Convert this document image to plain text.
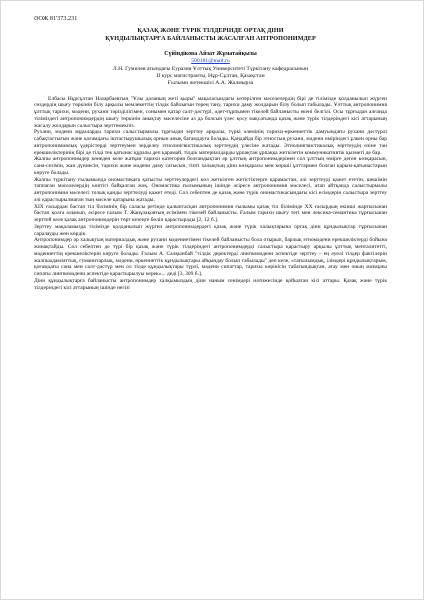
ӘОЖ 81'373.231
ҚАЗАҚ ЖӘНЕ ТҮРІК ТІЛДЕРІНДЕ ОРТАҚ ДІНИ
ҚҰНДЫЛЫҚТАРҒА БАЙЛАНЫСТЫ ЖАСАЛҒАН АНТРОПОНИМДЕР
Сүйіндікова Айзат Жұматайқызы
500181@mail.ru
Л.Н. Гумилев атындағы Еуразия Ұлттық Университеті Түркітану кафедрасының
II курс магистранты, Нұр-Сұлтан, Қазақстан
Ғылыми жетекшісі А.А. Жалмырза

Елбасы Нұрсұлтан Назарбаевтың "Ұлы даланың жеті қыры" мақаласындағы көтерілген мәселелердің бірі де тілімізде қолданылып жүрген сөздердің шығу төркінін білу арқылы мемлекеттің тілдік байлығын терең тану, тарихи даму жолдарын білу болып табылады. Ұлттық антропонимия ұлттық тарихи, мәдени, рухани тәрізділігімен, сонымен қатар салт-дәстүрі, әдет-ғұрпымен тікелей байланысты екені белгілі. Осы тұрғыдан алғанда тіліміздегі антропонимдердің шығу төркінін анықтау мәселесіне аз да болсын үлес қосу мақсатында қазақ және түрік тілдеріндегі кісі аттарының жасалу жолдарын салыстыра зерттемекпіз.

Рухани, мәдени мұраларды тарихи салыстырмалы тұрғыдан зерттеу арқылы, түркі әлемінің тарихи-өркениеттік дамуындағы рухани дәстүрлі сабақтастығын және қоғамдағы іштастырушылық орнын анық бағамдауға болады. Қандайда бір этностың рухани, мәдени өміріндегі ұлкен орны бар антропонимиялық үдерістерді зерттеумен зерделеу этнолингвистикалық зерттеудің үлесіне жатады. Этнолингвистикалық зерттеудің өзіне тән ерекшеліктерінің бірі де тілді тек қатынас құралы деп қарамай, тілдік материалдарды ұрпақтан ұрпаққа жеткізетін коммуникативтік қызметі де бар.

Жалпы антропонимдер көнеден келе жатқан тарихи категория болғандықтан әр ұлттың антропонимдерінен сол ұлттың өмірге деген көзқарасын, сана-сезімін, жан дүниесін, тарихи және мәдени даму сатысын, тіпті халықтың діни көзқарасы мен көршіі ұлттармен болған қарым-қатынастарын көруге болады.

Жалпы түркітану ғылымында ономастикаға қатысты зерттеулердегі көл жеткізген жетістіктерге қарамастан, әлі зерттеуді қажет ететін, шешімін таппаған мәселелердің көптігі байқалған жоқ. Ономастика ғылымының ішінде әсіресе антропонимия мәселесі, атап айтқанда салыстырмалы антропонимия мәселесі толық қанды зерттелуді қажет етеді. Сол себептен де қазақ және түрік ономастикасындағы кісі есімдерін салыстыра зерттеу әлі қарастырылмаған тың мәселе қатарына жатады.

XIX ғасырдан бастап тіл білімінің бір саласы ретінде қалыптасқан антропонимия ғылымы қазақ тіл білімінде XX ғасырдың екінші жартысынан бастап қолға алынып, әсіресе ғалым Т. Жанұзақовтың есімімен тікелей байланысты. Ғалым тарихи шығу тегі мен лексика-семантика тұрғысынан зерттей келе қазақ антропонимдерін төрт кезеңге бөліп қарастырады [2, 12 б.].

Зерттеу мақаламызда тілімізде қолданылып жүрген антропонимдердегі қазақ және түрік халықтарына ортақ діни құндылықтар тұрғысынан саралауды жөн көрдік.

Антропонимдер әр халықтың материалдық және рухани мәдениетімен тікелей байланысты бола отырып, барлық этномәдени ерекшеліктерді бойына жинақтайды. Сол себептен де түрі бір қазақ және түрік тілдеріндегі антропонимдерді салыстыра қарастыру арқылы ұлттық менталитетті, мәдениеттің ерекшеліктерін көруге болады. Ғалым А. Салқынбай "тілдік деректерді лингвомәдени аспектіде зерттеу – ең әуелі тілдер фактілерін жалпыадамзаттық, гуманитарлық, мәдени, өркениеттік құндылықтары айқындау болып табылады" деп келе, «тағылымдық, ілімдері құндылықтарым, қоғамдағы сана мен салт-дәстүр мен ол тілде құндылықтары түрлі, мәдени сипаттар, тарихы көрінісін табатындықтан, атау мен оның мазмұны сипаты лингвомәдени аспектіде қарастырылуы керек»... деді [3, 309 б.].

Діни құндылықтарға байланысты антропонимдер халқымыздың діни наным сенімдері нәтижесінде қойылған кісі аттары. Қазақ және түрік тілдеріндегі кісі аттарының ішінде негізі
